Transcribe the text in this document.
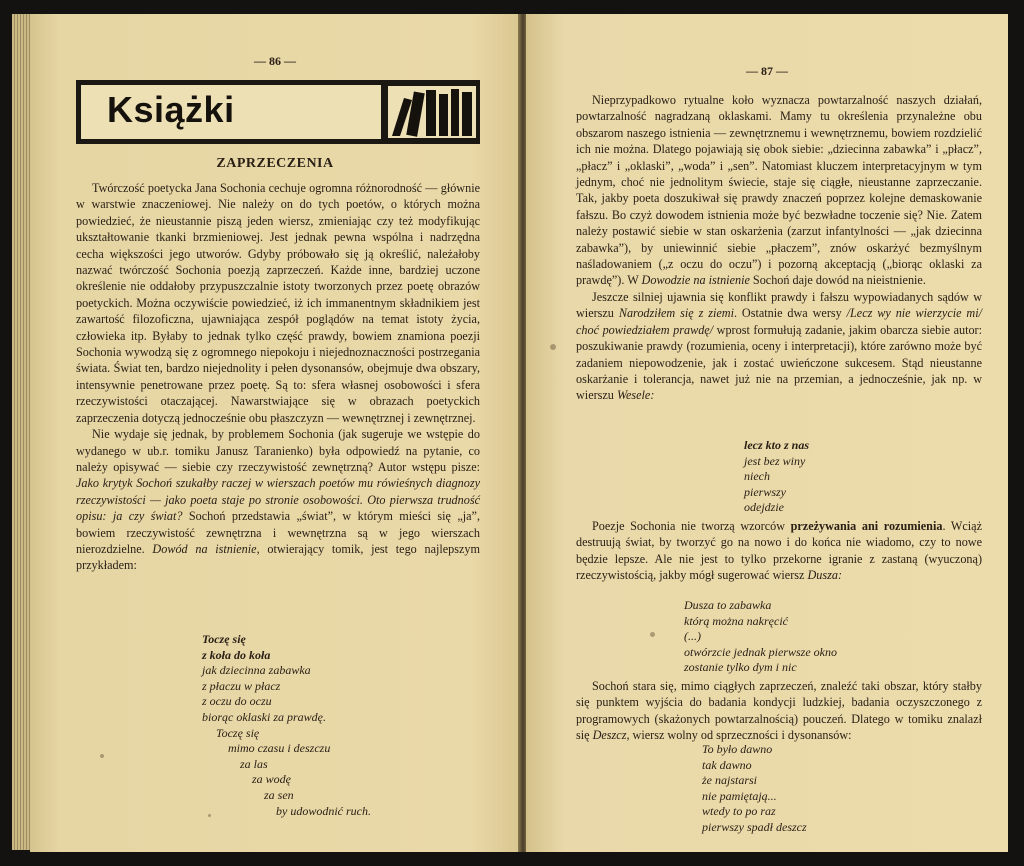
— 86 —
Książki
ZAPRZECZENIA

Twórczość poetycka Jana Sochonia cechuje ogromna różnorodność — głównie w warstwie znaczeniowej. Nie należy on do tych poetów, o których można powiedzieć, że nieustannie piszą jeden wiersz, zmieniając czy też modyfikując ukształtowanie tkanki brzmieniowej. Jest jednak pewna wspólna i nadrzędna cecha większości jego utworów. Gdyby próbowało się ją określić, należałoby nazwać twórczość Sochonia poezją zaprzeczeń. Każde inne, bardziej uczone określenie nie oddałoby przypuszczalnie istoty tworzonych przez poetę obrazów poetyckich. Można oczywiście powiedzieć, iż ich immanentnym składnikiem jest zawartość filozoficzna, ujawniająca zespół poglądów na temat istoty życia, człowieka itp. Byłaby to jednak tylko część prawdy, bowiem znamiona poezji Sochonia wywodzą się z ogromnego niepokoju i niejednoznaczności postrzegania świata. Świat ten, bardzo niejednolity i pełen dysonansów, obejmuje dwa obszary, intensywnie penetrowane przez poetę. Są to: sfera własnej osobowości i sfera rzeczywistości otaczającej. Nawarstwiające się w obrazach poetyckich zaprzeczenia dotyczą jednocześnie obu płaszczyzn — wewnętrznej i zewnętrznej.

Nie wydaje się jednak, by problemem Sochonia (jak sugeruje we wstępie do wydanego w ub.r. tomiku Janusz Taranienko) była odpowiedź na pytanie, co należy opisywać — siebie czy rzeczywistość zewnętrzną? Autor wstępu pisze: Jako krytyk Sochoń szukałby raczej w wierszach poetów mu rówieśnych diagnozy rzeczywistości — jako poeta staje po stronie osobowości. Oto pierwsza trudność opisu: ja czy świat? Sochoń przedstawia „świat”, w którym mieści się „ja”, bowiem rzeczywistość zewnętrzna i wewnętrzna są w jego wierszach nierozdzielne. Dowód na istnienie, otwierający tomik, jest tego najlepszym przykładem:

Toczę się
z koła do koła
jak dziecinna zabawka
z płaczu w płacz
z oczu do oczu
biorąc oklaski za prawdę.
Toczę się
mimo czasu i deszczu
za las
za wodę
za sen
by udowodnić ruch.
— 87 —

Nieprzypadkowo rytualne koło wyznacza powtarzalność naszych działań, powtarzalność nagradzaną oklaskami. Mamy tu określenia przynależne obu obszarom naszego istnienia — zewnętrznemu i wewnętrznemu, bowiem rozdzielić ich nie można. Dlatego pojawiają się obok siebie: „dziecinna zabawka” i „płacz”, „płacz” i „oklaski”, „woda” i „sen”. Natomiast kluczem interpretacyjnym w tym jednym, choć nie jednolitym świecie, staje się ciągłe, nieustanne zaprzeczanie. Tak, jakby poeta doszukiwał się prawdy znaczeń poprzez kolejne demaskowanie fałszu. Bo czyż dowodem istnienia może być bezwładne toczenie się? Nie. Zatem należy postawić siebie w stan oskarżenia (zarzut infantylności — „jak dziecinna zabawka”), by uniewinnić siebie „płaczem”, znów oskarżyć bezmyślnym naśladowaniem („z oczu do oczu”) i pozorną akceptacją („biorąc oklaski za prawdę”). W Dowodzie na istnienie Sochoń daje dowód na nieistnienie.

Jeszcze silniej ujawnia się konflikt prawdy i fałszu wypowiadanych sądów w wierszu Narodziłem się z ziemi. Ostatnie dwa wersy /Lecz wy nie wierzycie mi/ choć powiedziałem prawdę/ wprost formułują zadanie, jakim obarcza siebie autor: poszukiwanie prawdy (rozumienia, oceny i interpretacji), które zarówno może być zadaniem niepowodzenie, jak i zostać uwieńczone sukcesem. Stąd nieustanne oskarżanie i tolerancja, nawet już nie na przemian, a jednocześnie, jak np. w wierszu Wesele:

lecz kto z nas
jest bez winy
niech
pierwszy
odejdzie

Poezje Sochonia nie tworzą wzorców przeżywania ani rozumienia. Wciąż destruują świat, by tworzyć go na nowo i do końca nie wiadomo, czy to nowe będzie lepsze. Ale nie jest to tylko przekorne igranie z zastaną (wyuczoną) rzeczywistością, jakby mógł sugerować wiersz Dusza:

Dusza to zabawka
którą można nakręcić
(...)
otwórzcie jednak pierwsze okno
zostanie tylko dym i nic

Sochoń stara się, mimo ciągłych zaprzeczeń, znaleźć taki obszar, który stałby się punktem wyjścia do badania kondycji ludzkiej, badania oczyszczonego z programowych (skażonych powtarzalnością) pouczeń. Dlatego w tomiku znalazł się Deszcz, wiersz wolny od sprzeczności i dysonansów:

To było dawno
tak dawno
że najstarsi
nie pamiętają...
wtedy to po raz
pierwszy spadł deszcz
